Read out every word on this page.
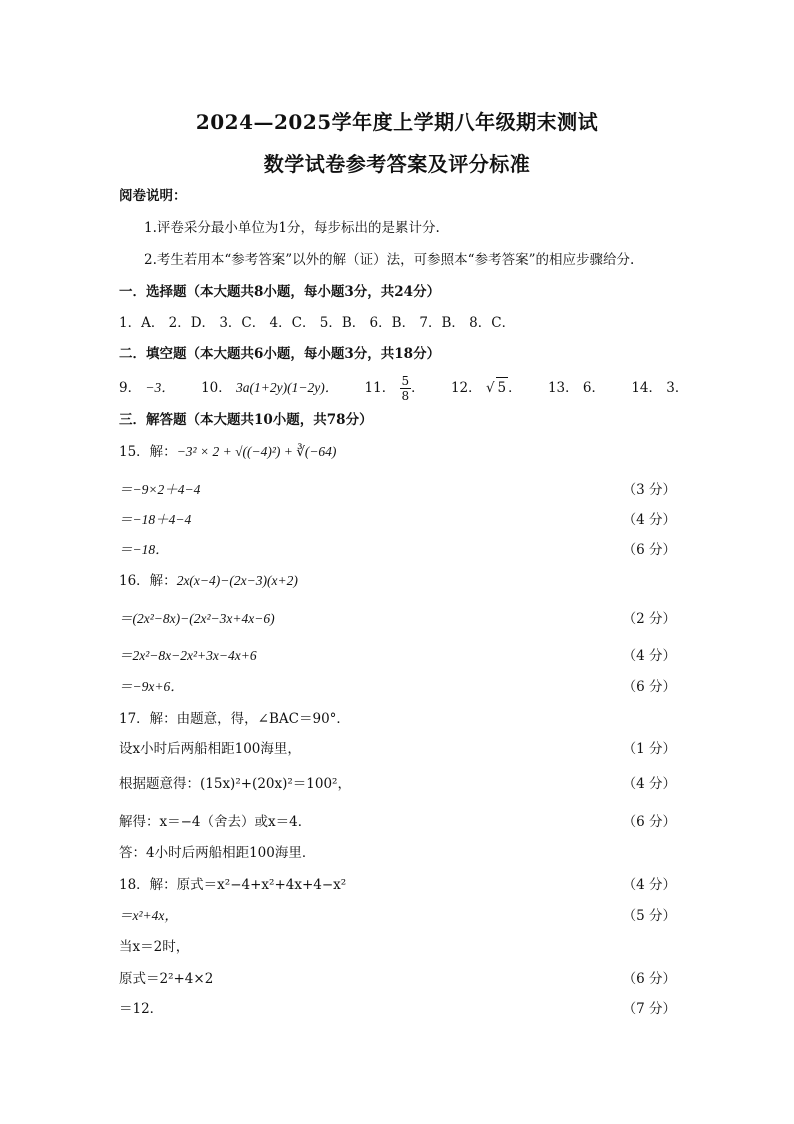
2024—2025学年度上学期八年级期末测试
数学试卷参考答案及评分标准
阅卷说明：
1.评卷采分最小单位为1分，每步标出的是累计分.
2.考生若用本“参考答案”以外的解（证）法，可参照本“参考答案”的相应步骤给分.
一．选择题（本大题共8小题，每小题3分，共24分）
1．A． 2．D． 3．C． 4．C． 5．B． 6．B． 7．B． 8．C．
二．填空题（本大题共6小题，每小题3分，共18分）
9． −3． 10． 3a(1+2y)(1−2y)． 11． $\frac{5}{8}$ ． 12． √ 5 ． 13． 6． 14． 3．
三．解答题（本大题共10小题，共78分）
15．解：−3² × 2 + √((−4)²) + ∛(−64)
＝−9×2＋4−4	（3 分）
＝−18＋4−4	（4 分）
＝−18．	（6 分）
16．解：2x(x−4)−(2x−3)(x+2)
＝(2x²−8x)−(2x²−3x+4x−6)	（2 分）
＝2x²−8x−2x²+3x−4x+6	（4 分）
＝−9x+6．	（6 分）
17．解：由题意，得，∠BAC＝90°．
设x小时后两船相距100海里，	（1 分）
根据题意得：(15x)²+(20x)²＝100²，	（4 分）
解得：x＝−4（舍去）或x＝4．	（6 分）
答：4小时后两船相距100海里．
18．解：原式＝x²−4+x²+4x+4−x²	（4 分）
＝x²+4x，	（5 分）
当x＝2时，
原式＝2²+4×2	（6 分）
＝12．	（7 分）
